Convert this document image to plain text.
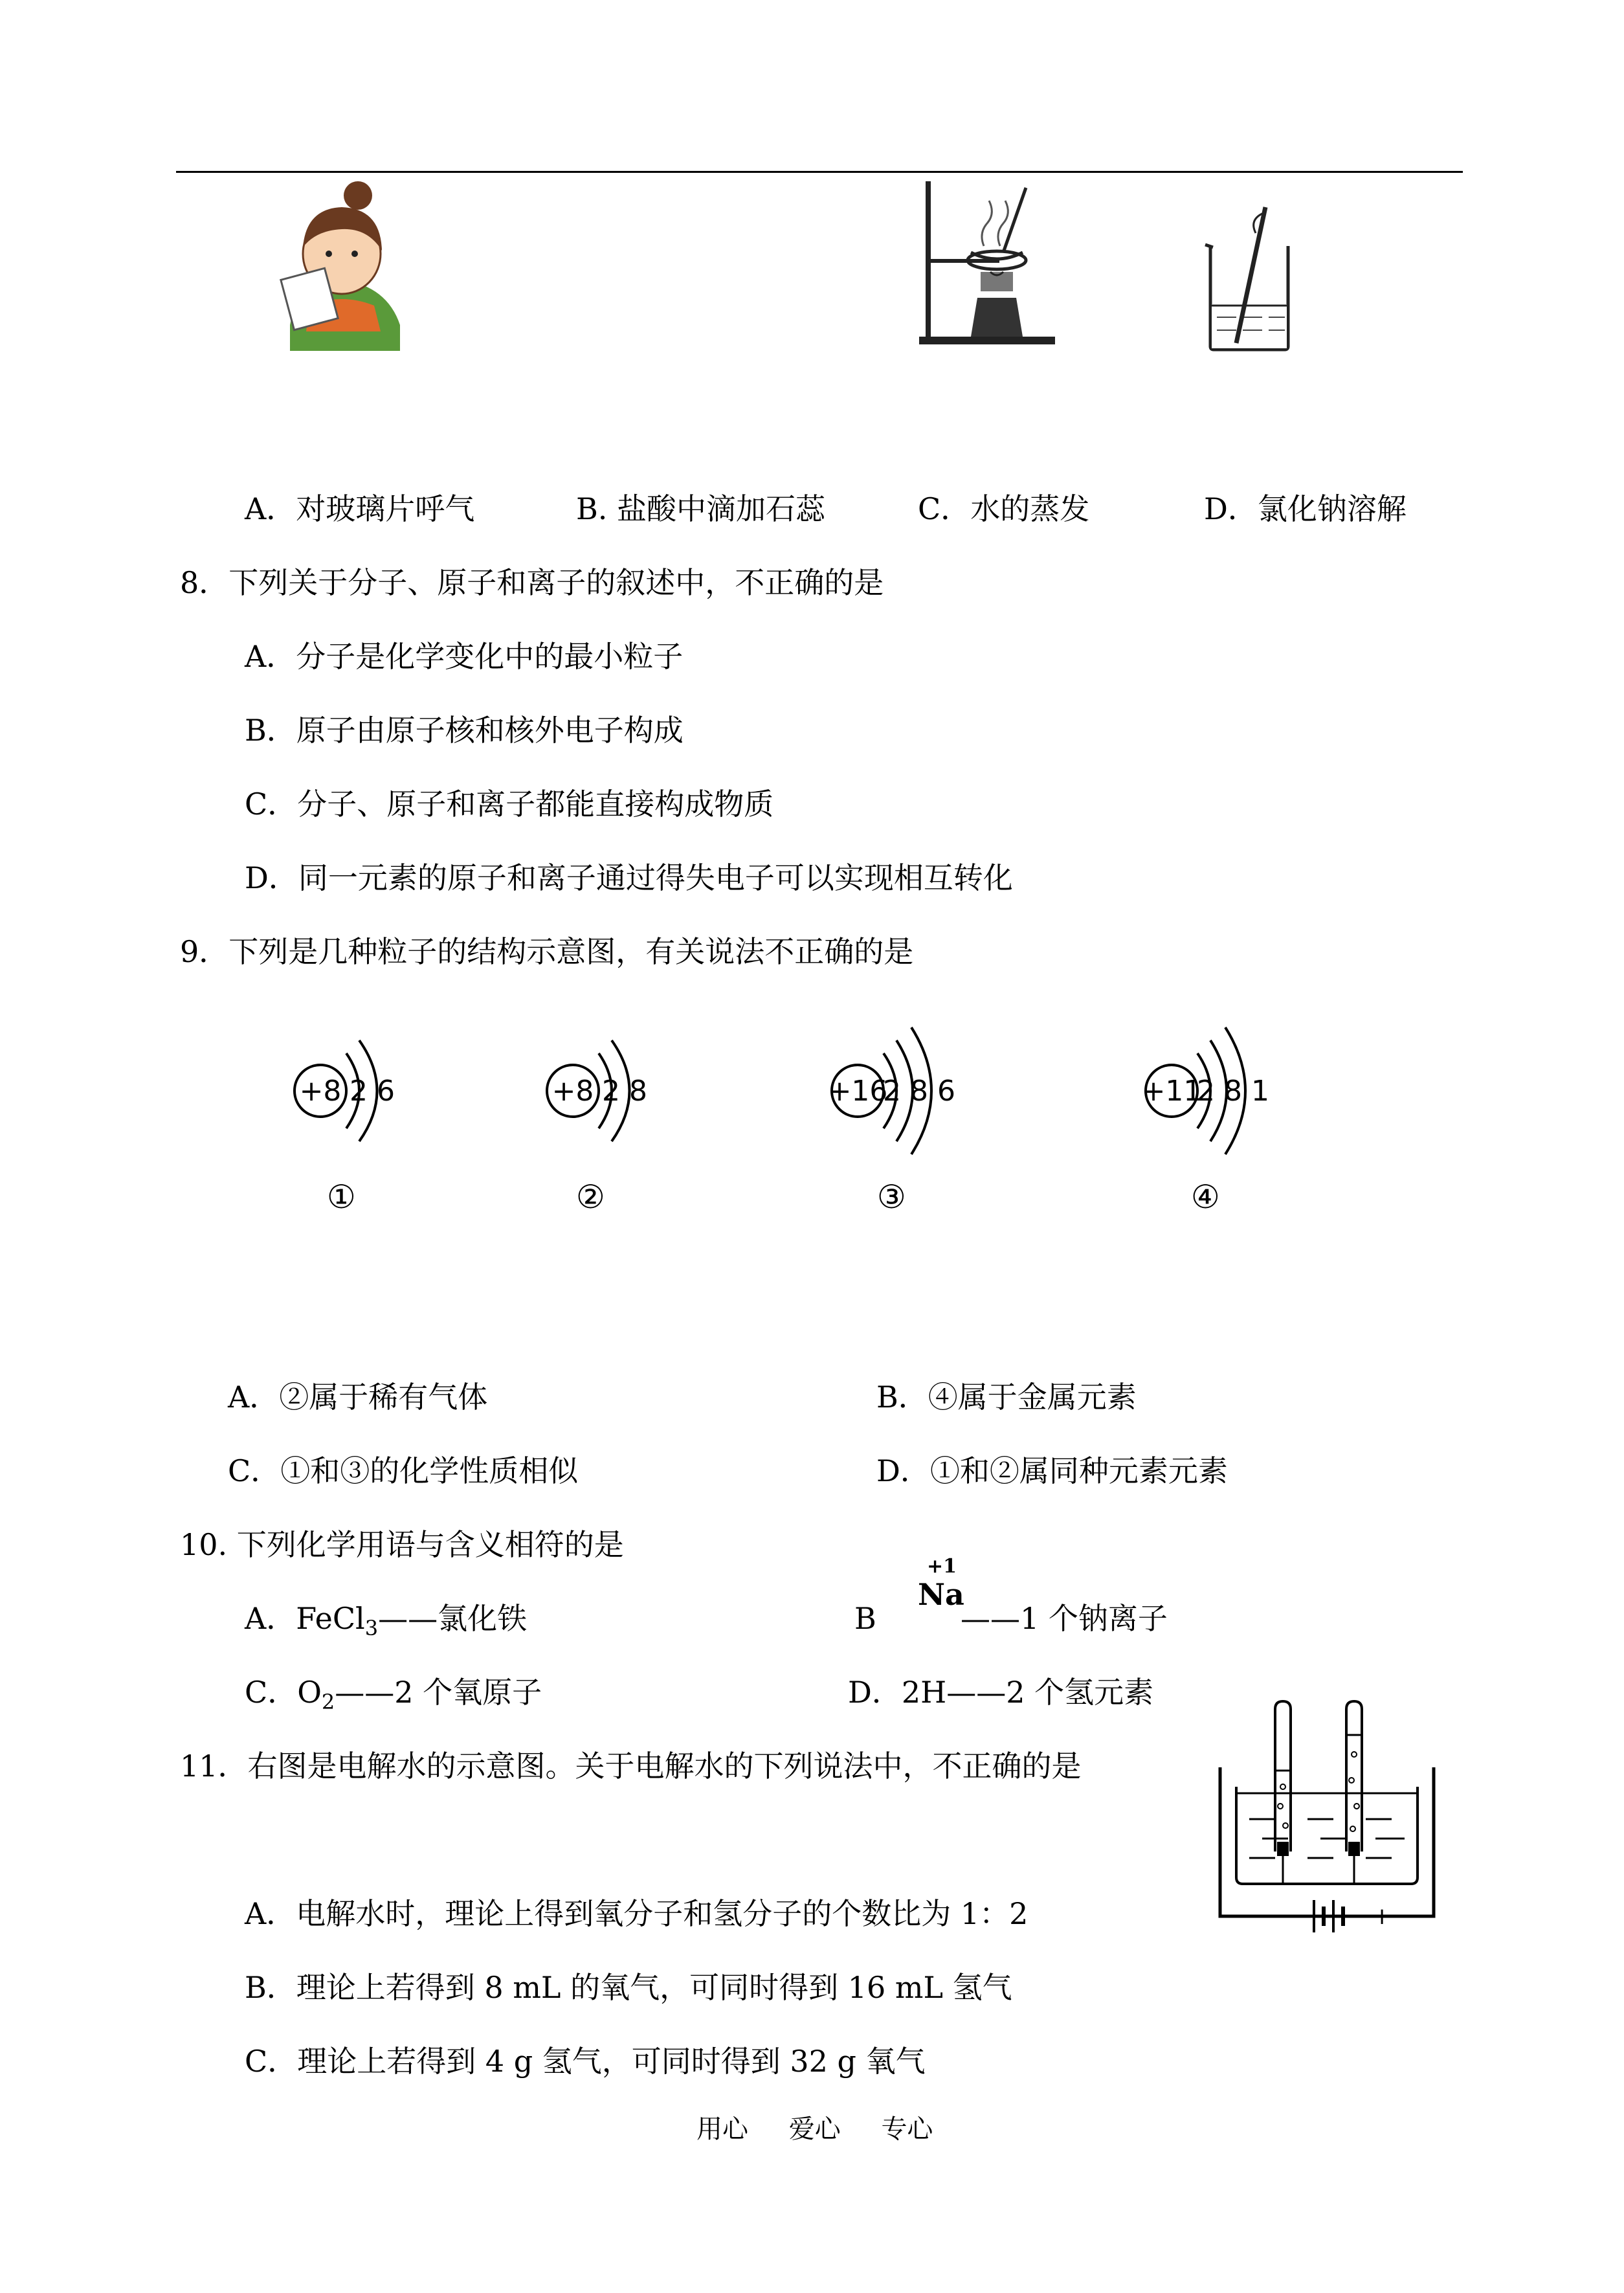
A．对玻璃片呼气	B. 盐酸中滴加石蕊	C．水的蒸发	D．氯化钠溶解
8．下列关于分子、原子和离子的叙述中，不正确的是
A．分子是化学变化中的最小粒子
B．原子由原子核和核外电子构成
C．分子、原子和离子都能直接构成物质
D．同一元素的原子和离子通过得失电子可以实现相互转化
9．下列是几种粒子的结构示意图，有关说法不正确的是
+8 2 6
①
+8 2 8
②
+16
2 8 6
③
+11
2 8 1
④
A．②属于稀有气体	B．④属于金属元素
C．①和③的化学性质相似	D．①和②属同种元素元素
10. 下列化学用语与含义相符的是
A．FeCl$_3$——氯化铁	B
+1
Na
——1 个钠离子
C．$O_2——2$ 个氧原子	D．2H——2 个氢元素
11．右图是电解水的示意图。关于电解水的下列说法中，不正确的是
−	+
A．电解水时，理论上得到氧分子和氢分子的个数比为 1：2
B．理论上若得到 8 mL 的氧气，可同时得到 16 mL 氢气
C．理论上若得到 4 g 氢气，可同时得到 32 g 氧气
用心 爱心 专心
